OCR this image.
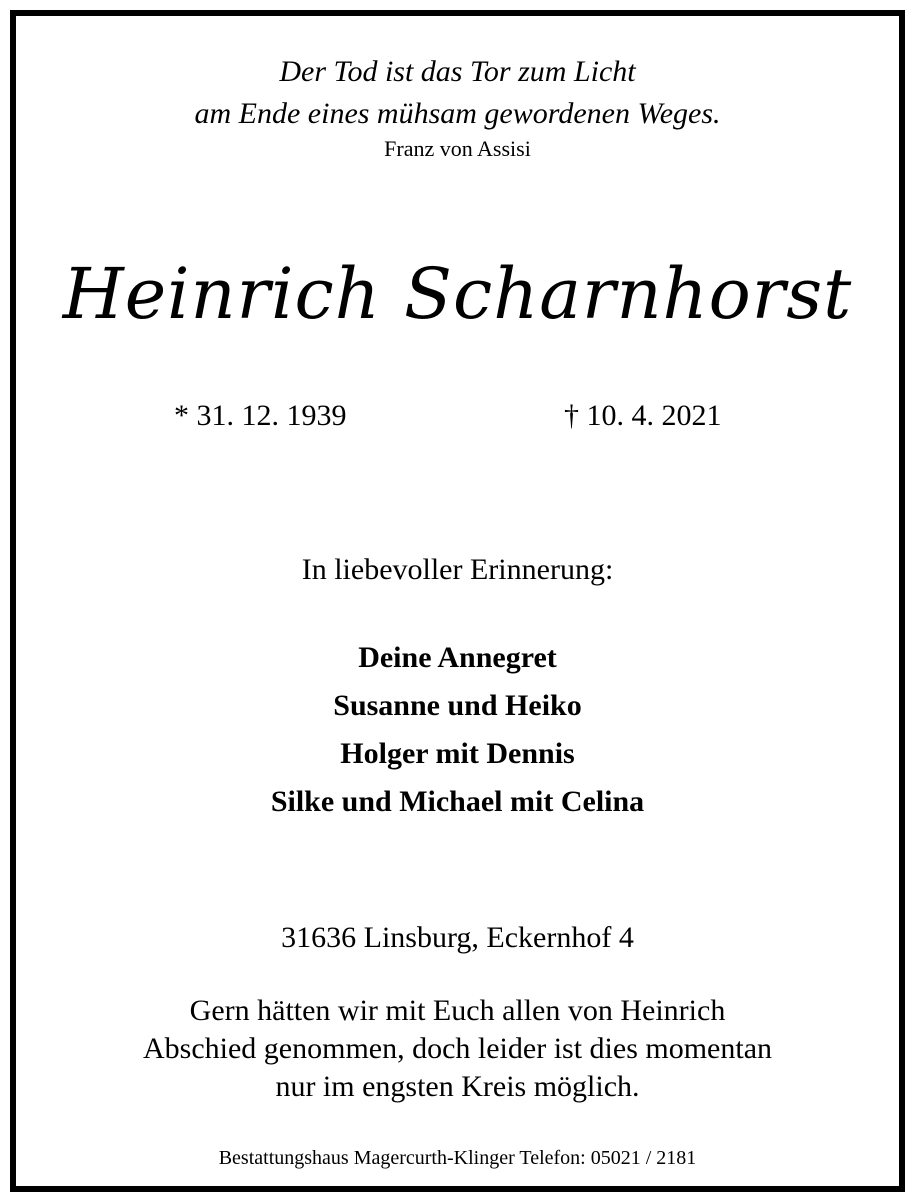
Der Tod ist das Tor zum Licht
am Ende eines mühsam gewordenen Weges.
Franz von Assisi
Heinrich Scharnhorst
* 31. 12. 1939	† 10. 4. 2021
In liebevoller Erinnerung:
Deine Annegret
Susanne und Heiko
Holger mit Dennis
Silke und Michael mit Celina
31636 Linsburg, Eckernhof 4
Gern hätten wir mit Euch allen von Heinrich
Abschied genommen, doch leider ist dies momentan
nur im engsten Kreis möglich.
Bestattungshaus Magercurth-Klinger Telefon: 05021 / 2181
